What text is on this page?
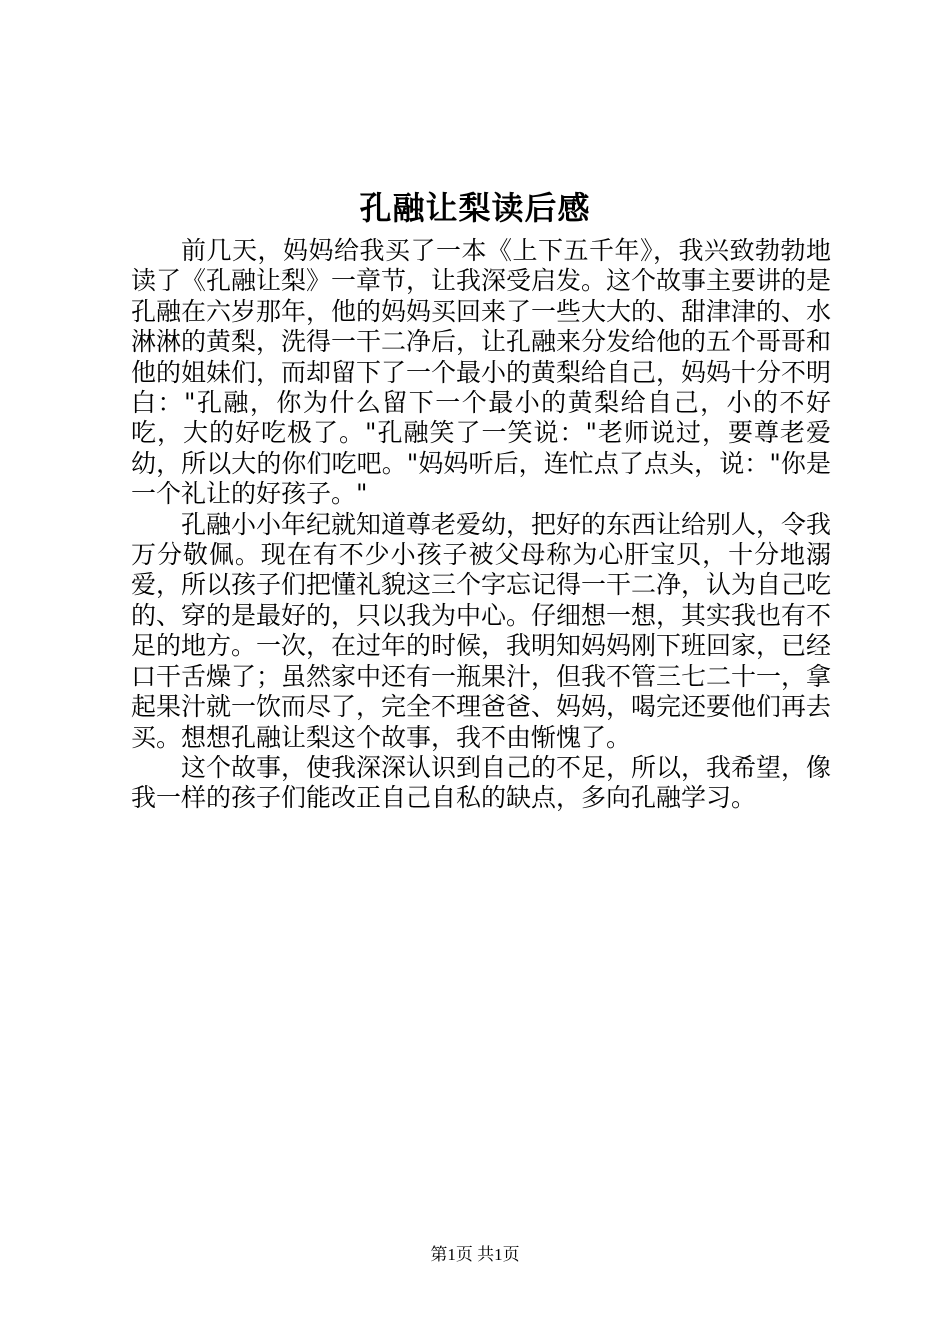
孔融让梨读后感

前几天，妈妈给我买了一本《上下五千年》，我兴致勃勃地读了《孔融让梨》一章节，让我深受启发。这个故事主要讲的是孔融在六岁那年，他的妈妈买回来了一些大大的、甜津津的、水淋淋的黄梨，洗得一干二净后，让孔融来分发给他的五个哥哥和他的姐妹们，而却留下了一个最小的黄梨给自己，妈妈十分不明白："孔融，你为什么留下一个最小的黄梨给自己，小的不好吃，大的好吃极了。"孔融笑了一笑说："老师说过，要尊老爱幼，所以大的你们吃吧。"妈妈听后，连忙点了点头，说："你是一个礼让的好孩子。"

孔融小小年纪就知道尊老爱幼，把好的东西让给别人，令我万分敬佩。现在有不少小孩子被父母称为心肝宝贝，十分地溺爱，所以孩子们把懂礼貌这三个字忘记得一干二净，认为自己吃的、穿的是最好的，只以我为中心。仔细想一想，其实我也有不足的地方。一次，在过年的时候，我明知妈妈刚下班回家，已经口干舌燥了；虽然家中还有一瓶果汁，但我不管三七二十一，拿起果汁就一饮而尽了，完全不理爸爸、妈妈，喝完还要他们再去买。想想孔融让梨这个故事，我不由惭愧了。

这个故事，使我深深认识到自己的不足，所以，我希望，像我一样的孩子们能改正自己自私的缺点，多向孔融学习。

第1页 共1页
